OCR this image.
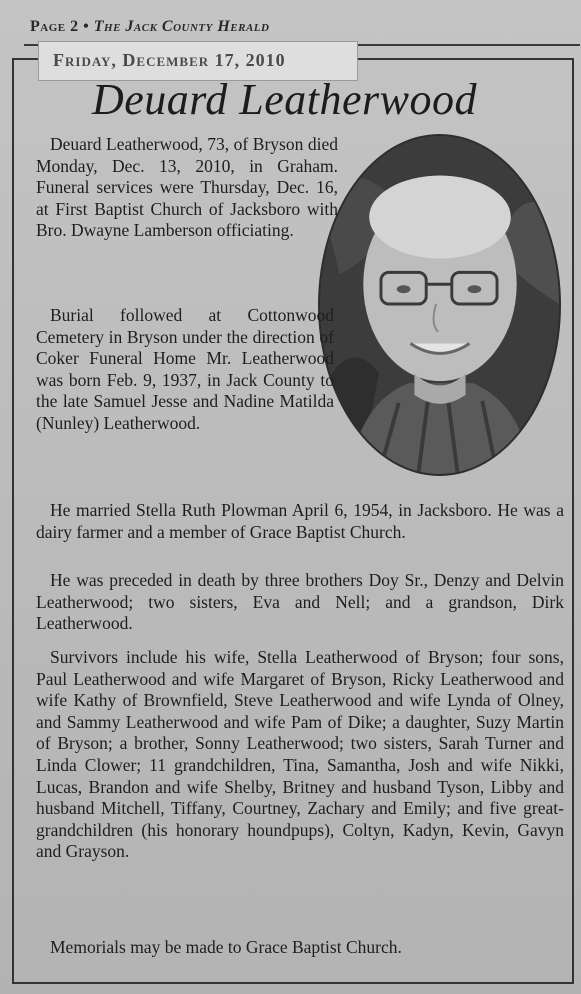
Page 2 • The Jack County Herald
Friday, December 17, 2010
Deuard Leatherwood

Deuard Leatherwood, 73, of Bryson died Monday, Dec. 13, 2010, in Graham. Funeral services were Thursday, Dec. 16, at First Baptist Church of Jacksboro with Bro. Dwayne Lamberson officiating.

Burial followed at Cottonwood Cemetery in Bryson under the direction of Coker Funeral Home Mr. Leatherwood was born Feb. 9, 1937, in Jack County to the late Samuel Jesse and Nadine Matilda (Nunley) Leatherwood.

He married Stella Ruth Plowman April 6, 1954, in Jacksboro. He was a dairy farmer and a member of Grace Baptist Church.

He was preceded in death by three brothers Doy Sr., Denzy and Delvin Leatherwood; two sisters, Eva and Nell; and a grandson, Dirk Leatherwood.

Survivors include his wife, Stella Leatherwood of Bryson; four sons, Paul Leatherwood and wife Margaret of Bryson, Ricky Leatherwood and wife Kathy of Brownfield, Steve Leatherwood and wife Lynda of Olney, and Sammy Leatherwood and wife Pam of Dike; a daughter, Suzy Martin of Bryson; a brother, Sonny Leatherwood; two sisters, Sarah Turner and Linda Clower; 11 grandchildren, Tina, Samantha, Josh and wife Nikki, Lucas, Brandon and wife Shelby, Britney and husband Tyson, Libby and husband Mitchell, Tiffany, Courtney, Zachary and Emily; and five great-grandchildren (his honorary houndpups), Coltyn, Kadyn, Kevin, Gavyn and Grayson.

Memorials may be made to Grace Baptist Church.
